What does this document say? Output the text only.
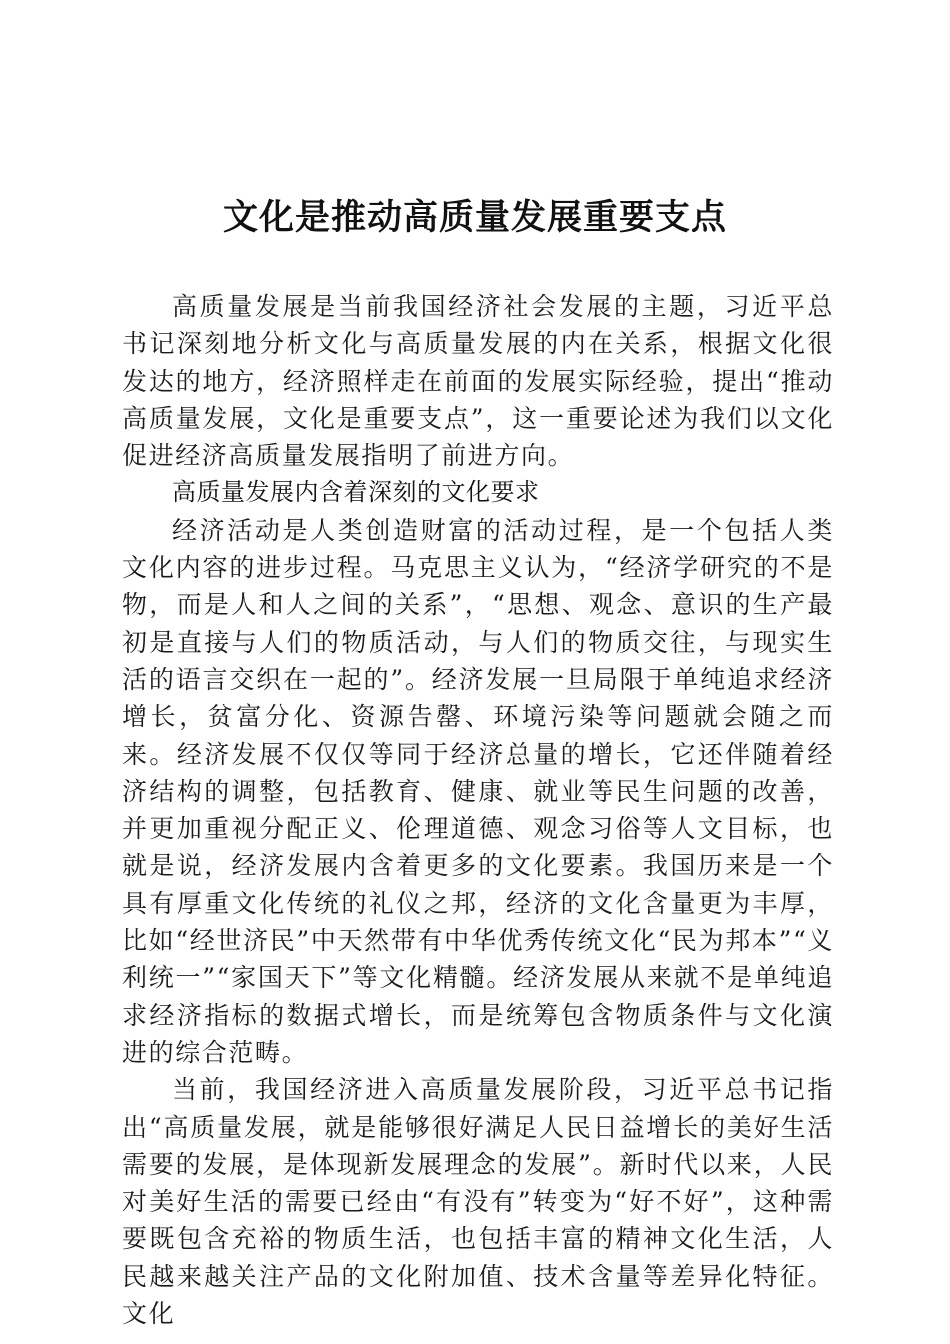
文化是推动高质量发展重要支点

高质量发展是当前我国经济社会发展的主题，习近平总书记深刻地分析文化与高质量发展的内在关系，根据文化很发达的地方，经济照样走在前面的发展实际经验，提出“推动高质量发展，文化是重要支点”，这一重要论述为我们以文化促进经济高质量发展指明了前进方向。

高质量发展内含着深刻的文化要求

经济活动是人类创造财富的活动过程，是一个包括人类文化内容的进步过程。马克思主义认为，“经济学研究的不是物，而是人和人之间的关系”，“思想、观念、意识的生产最初是直接与人们的物质活动，与人们的物质交往，与现实生活的语言交织在一起的”。经济发展一旦局限于单纯追求经济增长，贫富分化、资源告罄、环境污染等问题就会随之而来。经济发展不仅仅等同于经济总量的增长，它还伴随着经济结构的调整，包括教育、健康、就业等民生问题的改善，并更加重视分配正义、伦理道德、观念习俗等人文目标，也就是说，经济发展内含着更多的文化要素。我国历来是一个具有厚重文化传统的礼仪之邦，经济的文化含量更为丰厚，比如“经世济民”中天然带有中华优秀传统文化“民为邦本”“义利统一”“家国天下”等文化精髓。经济发展从来就不是单纯追求经济指标的数据式增长，而是统筹包含物质条件与文化演进的综合范畴。

当前，我国经济进入高质量发展阶段，习近平总书记指出“高质量发展，就是能够很好满足人民日益增长的美好生活需要的发展，是体现新发展理念的发展”。新时代以来，人民对美好生活的需要已经由“有没有”转变为“好不好”，这种需要既包含充裕的物质生活，也包括丰富的精神文化生活，人民越来越关注产品的文化附加值、技术含量等差异化特征。文化
